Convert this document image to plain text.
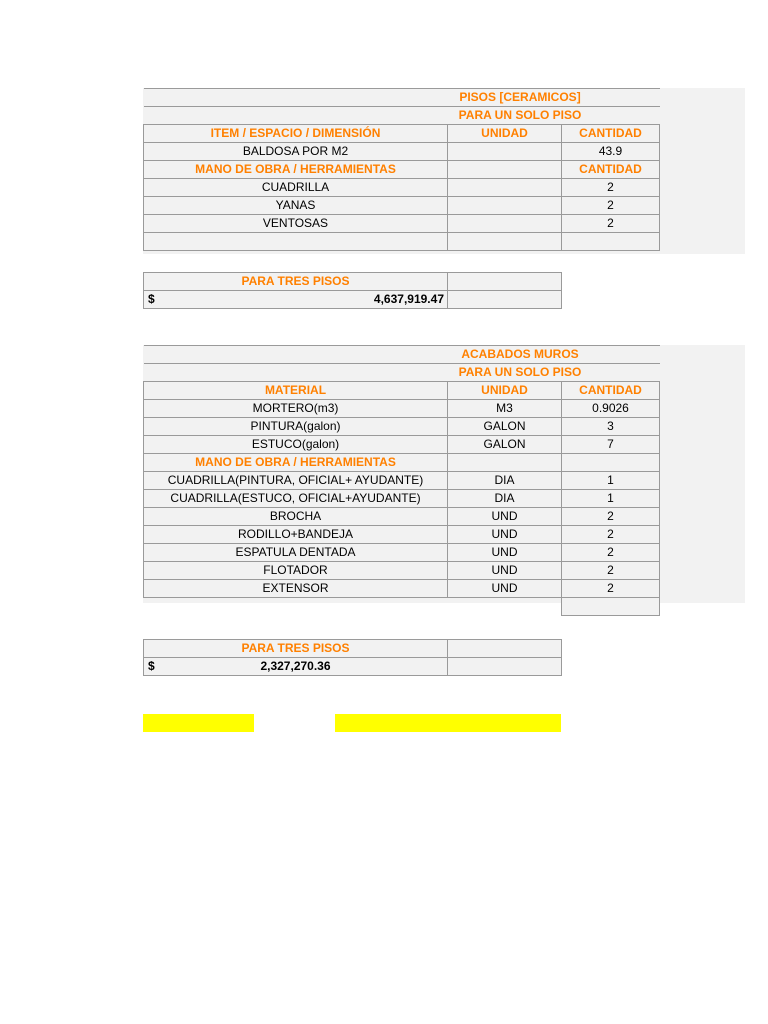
PISOS [CERAMICOS]		
PARA UN SOLO PISO		
ITEM / ESPACIO / DIMENSIÓN	UNIDAD	CANTIDAD
BALDOSA POR M2		43.9
MANO DE OBRA / HERRAMIENTAS		CANTIDAD
CUADRILLA		2
YANAS		2
VENTOSAS		2

PARA TRES PISOS	

$ 4,637,919.47	
ACABADOS MUROS		
PARA UN SOLO PISO		
MATERIAL	UNIDAD	CANTIDAD
MORTERO(m3)	M3	0.9026
PINTURA(galon)	GALON	3
ESTUCO(galon)	GALON	7
MANO DE OBRA / HERRAMIENTAS		
CUADRILLA(PINTURA, OFICIAL+ AYUDANTE)	DIA	1
CUADRILLA(ESTUCO, OFICIAL+AYUDANTE)	DIA	1
BROCHA	UND	2
RODILLO+BANDEJA	UND	2
ESPATULA DENTADA	UND	2
FLOTADOR	UND	2
EXTENSOR	UND	2

PARA TRES PISOS	

$ 2,327,270.36	
